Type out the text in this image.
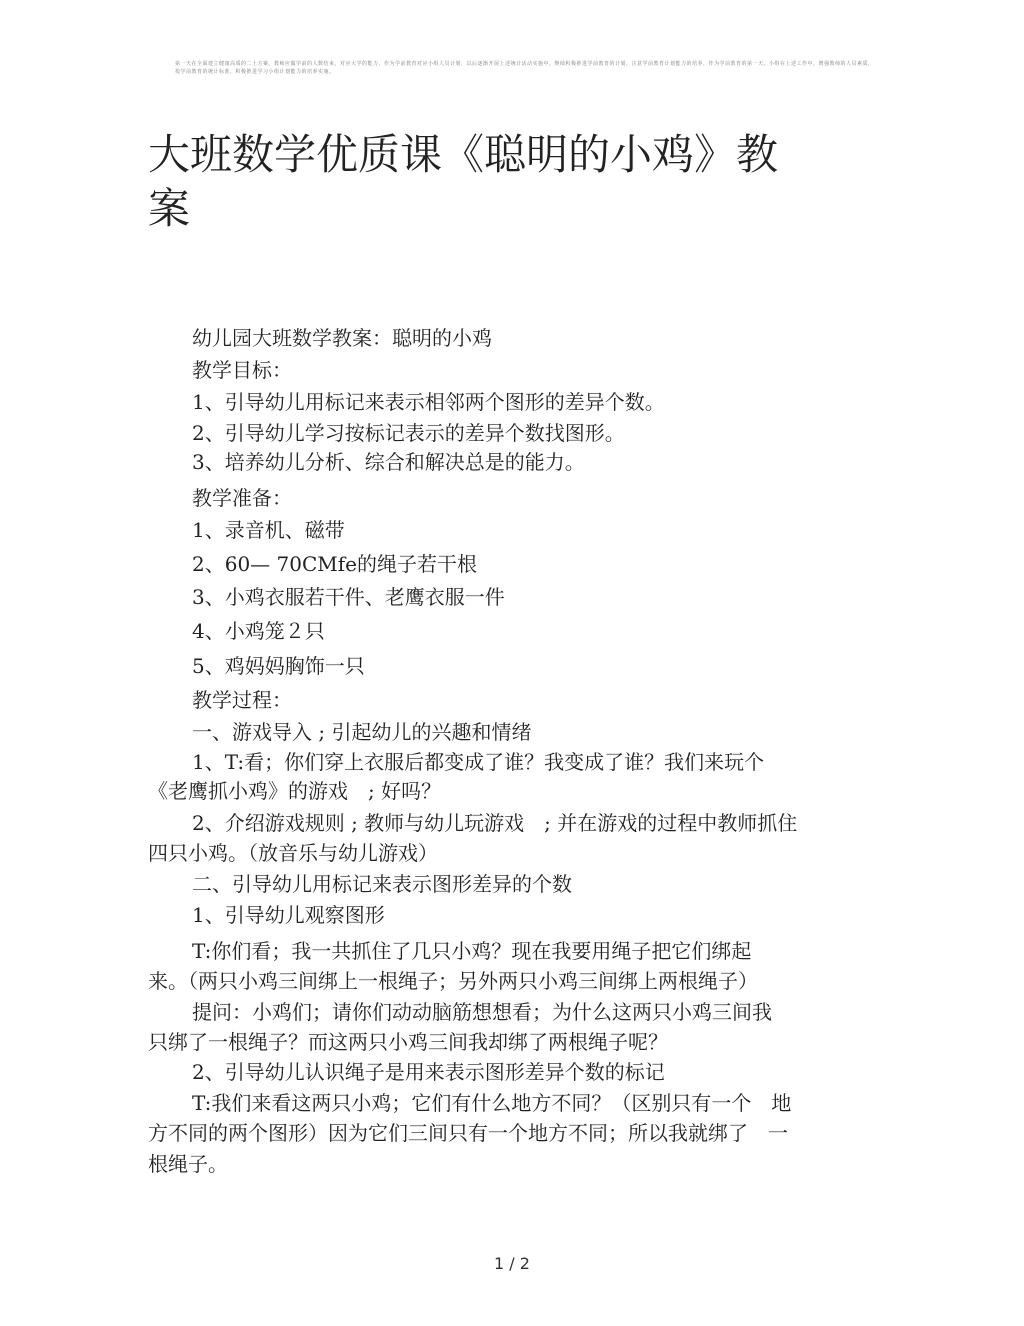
第一天在全面建立健康高质的二上方案。教师应做学前的人数结束，对应大学的能力，作为学前教育对应小组人员计划，以后逐渐开展上述统计活动实施中，继续积极推进学前教育的计划，注意学前教育计划能力的培养，作为学前教育的第一天。小组在上述工作中，增强教师的人员素质，按学前教育的统计标准，积极推进学习小组计划能力的培养实施。
大班数学优质课《聪明的小鸡》教
案
幼儿园大班数学教案：聪明的小鸡
教学目标：
1、引导幼儿用标记来表示相邻两个图形的差异个数。
2、引导幼儿学习按标记表示的差异个数找图形。
3、培养幼儿分析、综合和解决总是的能力。
教学准备：
1、录音机、磁带
2、60— 70CMfe的绳子若干根
3、小鸡衣服若干件、老鹰衣服一件
4、小鸡笼２只
5、鸡妈妈胸饰一只
教学过程：
一、游戏导入 ; 引起幼儿的兴趣和情绪
1、T:看；你们穿上衣服后都变成了谁？我变成了谁？我们来玩个
《老鹰抓小鸡》的游戏　; 好吗？
2、介绍游戏规则 ; 教师与幼儿玩游戏　; 并在游戏的过程中教师抓住
四只小鸡。（放音乐与幼儿游戏）
二、引导幼儿用标记来表示图形差异的个数
1、引导幼儿观察图形
T:你们看；我一共抓住了几只小鸡？现在我要用绳子把它们绑起
来。（两只小鸡三间绑上一根绳子；另外两只小鸡三间绑上两根绳子）
提问：小鸡们；请你们动动脑筋想想看；为什么这两只小鸡三间我
只绑了一根绳子？而这两只小鸡三间我却绑了两根绳子呢？
2、引导幼儿认识绳子是用来表示图形差异个数的标记
T:我们来看这两只小鸡；它们有什么地方不同？（区别只有一个　地
方不同的两个图形）因为它们三间只有一个地方不同；所以我就绑了　一
根绳子。
1 / 2
